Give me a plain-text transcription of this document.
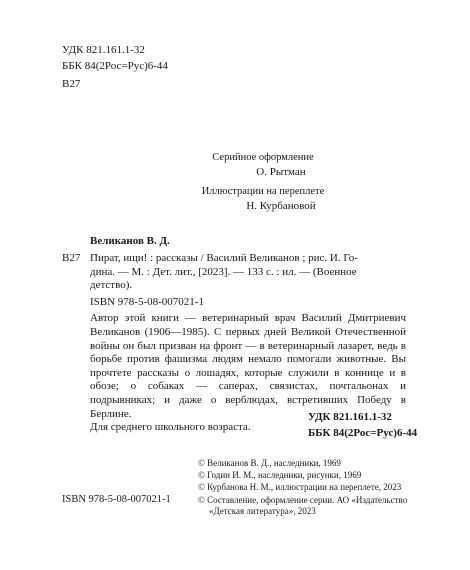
УДК 821.161.1-32
ББК 84(2Рос=Рус)6-44
В27
Серийное оформление
О. Рытман
Иллюстрации на переплете
Н. Курбановой
Великанов В. Д.
В27 Пират, ищи! : рассказы / Василий Великанов ; рис. И. Го-

дина. — М. : Дет. лит., [2023]. — 133 с. : ил. — (Военное

детство).

ISBN 978-5-08-007021-1

Автор этой книги — ветеринарный врач Василий Дмитриевич Великанов (1906—1985). С первых дней Великой Отечественной войны он был призван на фронт — в ветеринарный лазарет, ведь в борьбе против фашизма людям немало помогали животные. Вы прочтете рассказы о лошадях, которые служили в коннице и в обозе; о собаках — саперах, связистах, почтальонах и подрывниках; и даже о верблюдах, встретивших Победу в Берлине.

Для среднего школьного возраста.

УДК 821.161.1-32
ББК 84(2Рос=Рус)6-44
© Великанов В. Д., наследники, 1969
© Годин И. М., наследники, рисунки, 1969
© Курбанова Н. М., иллюстрации на переплете, 2023
© Составление, оформление серии. АО «Издательство «Детская литература», 2023
ISBN 978-5-08-007021-1
